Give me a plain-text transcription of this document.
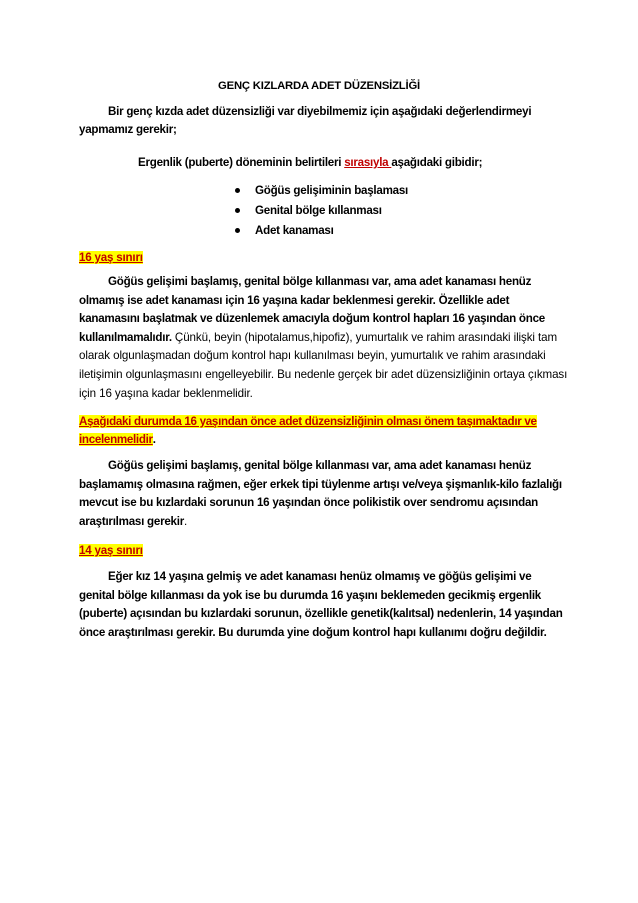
GENÇ KIZLARDA ADET DÜZENSİZLİĞİ
Bir genç kızda adet düzensizliği var diyebilmemiz için aşağıdaki değerlendirmeyi yapmamız gerekir;
Ergenlik (puberte) döneminin belirtileri sırasıyla aşağıdaki gibidir;
Göğüs gelişiminin başlaması
Genital bölge kıllanması
Adet kanaması
16 yaş sınırı
Göğüs gelişimi başlamış, genital bölge kıllanması var, ama adet kanaması henüz olmamış ise adet kanaması için 16 yaşına kadar beklenmesi gerekir. Özellikle adet kanamasını başlatmak ve düzenlemek amacıyla doğum kontrol hapları 16 yaşından önce kullanılmamalıdır. Çünkü, beyin (hipotalamus,hipofiz), yumurtalık ve rahim arasındaki ilişki tam olarak olgunlaşmadan doğum kontrol hapı kullanılması beyin, yumurtalık ve rahim arasındaki iletişimin olgunlaşmasını engelleyebilir. Bu nedenle gerçek bir adet düzensizliğinin ortaya çıkması için 16 yaşına kadar beklenmelidir.
Aşağıdaki durumda 16 yaşından önce adet düzensizliğinin olması önem taşımaktadır ve incelenmelidir.
Göğüs gelişimi başlamış, genital bölge kıllanması var, ama adet kanaması henüz başlamamış olmasına rağmen, eğer erkek tipi tüylenme artışı ve/veya şişmanlık-kilo fazlalığı mevcut ise bu kızlardaki sorunun 16 yaşından önce polikistik over sendromu açısından araştırılması gerekir.
14 yaş sınırı
Eğer kız 14 yaşına gelmiş ve adet kanaması henüz olmamış ve göğüs gelişimi ve genital bölge kıllanması da yok ise bu durumda 16 yaşını beklemeden gecikmiş ergenlik (puberte) açısından bu kızlardaki sorunun, özellikle genetik(kalıtsal) nedenlerin, 14 yaşından önce araştırılması gerekir. Bu durumda yine doğum kontrol hapı kullanımı doğru değildir.
